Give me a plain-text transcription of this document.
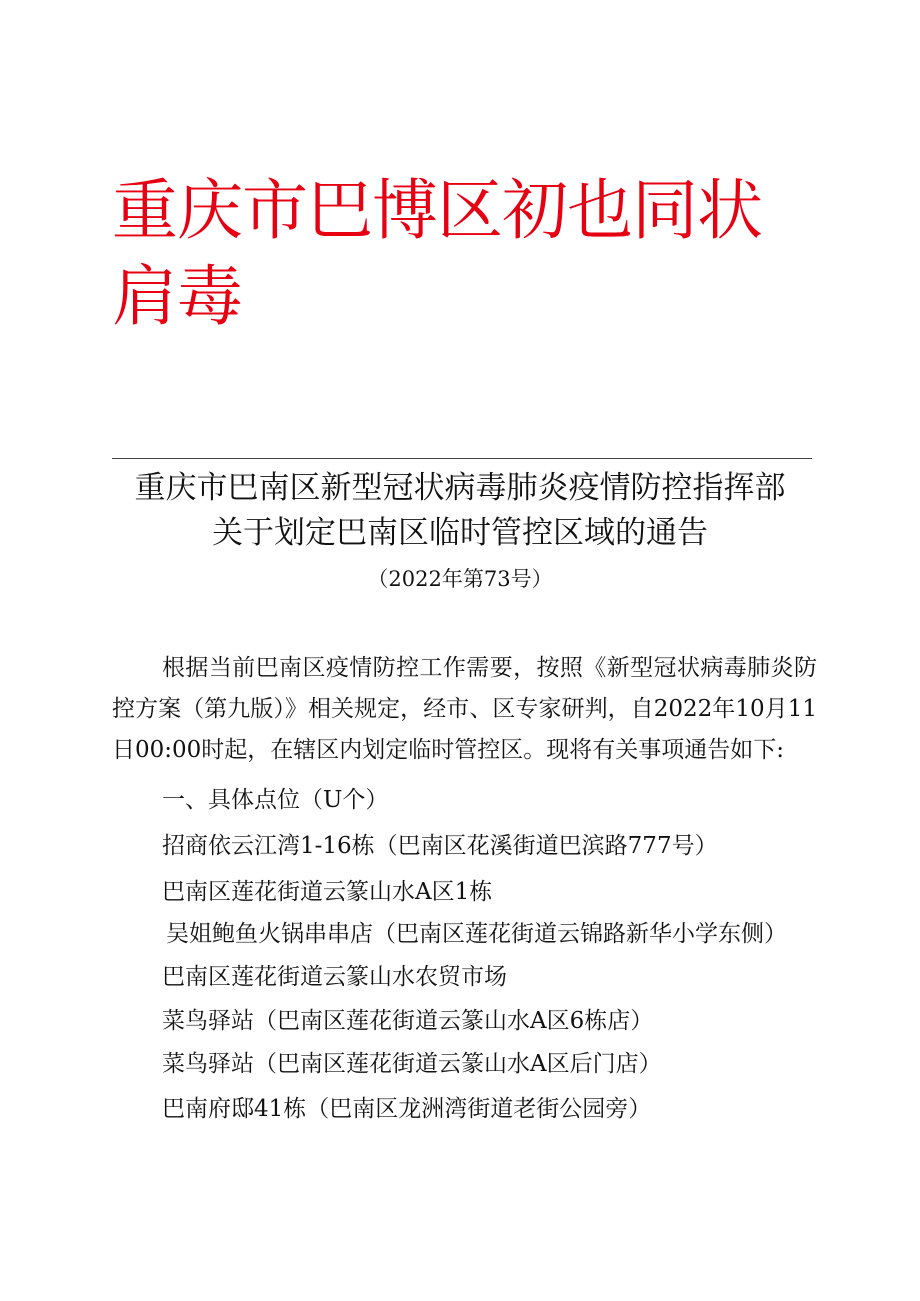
重庆市巴博区初也同状肩毒
重庆市巴南区新型冠状病毒肺炎疫情防控指挥部
关于划定巴南区临时管控区域的通告
（2022年第73号）

根据当前巴南区疫情防控工作需要，按照《新型冠状病毒肺炎防控方案（第九版）》相关规定，经市、区专家研判，自2022年10月11日00:00时起，在辖区内划定临时管控区。现将有关事项通告如下:

一、具体点位（U个）
招商依云江湾1-16栋（巴南区花溪街道巴滨路777号）
巴南区莲花街道云篆山水A区1栋
吴姐鲍鱼火锅串串店（巴南区莲花街道云锦路新华小学东侧）
巴南区莲花街道云篆山水农贸市场
菜鸟驿站（巴南区莲花街道云篆山水A区6栋店）
菜鸟驿站（巴南区莲花街道云篆山水A区后门店）
巴南府邸41栋（巴南区龙洲湾街道老街公园旁）
